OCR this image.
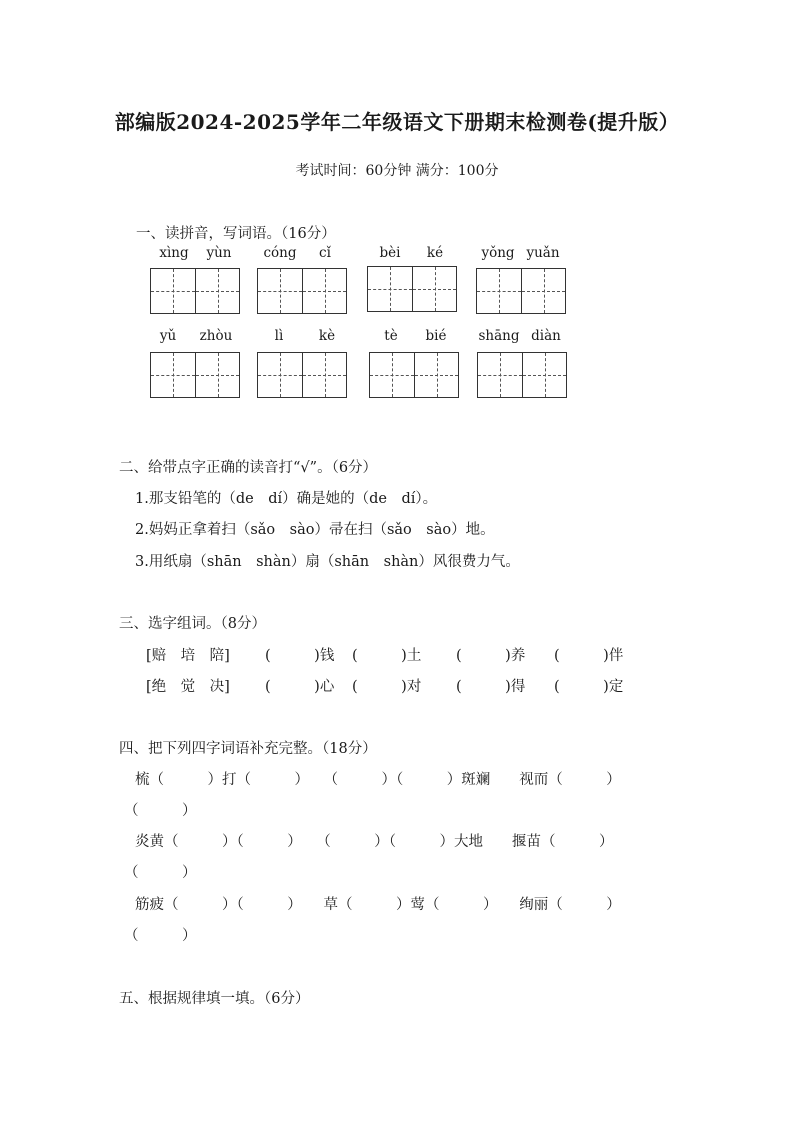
部编版2024-2025学年二年级语文下册期末检测卷(提升版）
考试时间：60分钟 满分：100分
一、读拼音，写词语。（16分）
xìng	yùn	cóng	cǐ	bèi	ké	yǒng yuǎn
yǔ	zhòu	lì	kè	tè	bié	shāng diàn
二、给带点字正确的读音打“√”。（6分）
1.那支铅笔的（de　dí）确是她的（de　dí）。
2.妈妈正拿着扫（sǎo　sào）帚在扫（sǎo　sào）地。
3.用纸扇（shān　shàn）扇（shān　shàn）风很费力气。
三、选字组词。（8分）
[赔　培　陪] (　　　)钱 (　　　)土 (　　　)养 (　　　)伴
[绝　觉　决] (　　　)心 (　　　)对 (　　　)得 (　　　)定
四、把下列四字词语补充完整。（18分）
梳（　　　）打（　　　）　　（　　　）（　　　）斑斓　　视而（　　　）
（　　　）
炎黄（　　　）（　　　）　　（　　　）（　　　）大地　　揠苗（　　　）
（　　　）
筋疲（　　　）（　　　）　　草（　　　）莺（　　　）　　绚丽（　　　）
（　　　）
五、根据规律填一填。（6分）
